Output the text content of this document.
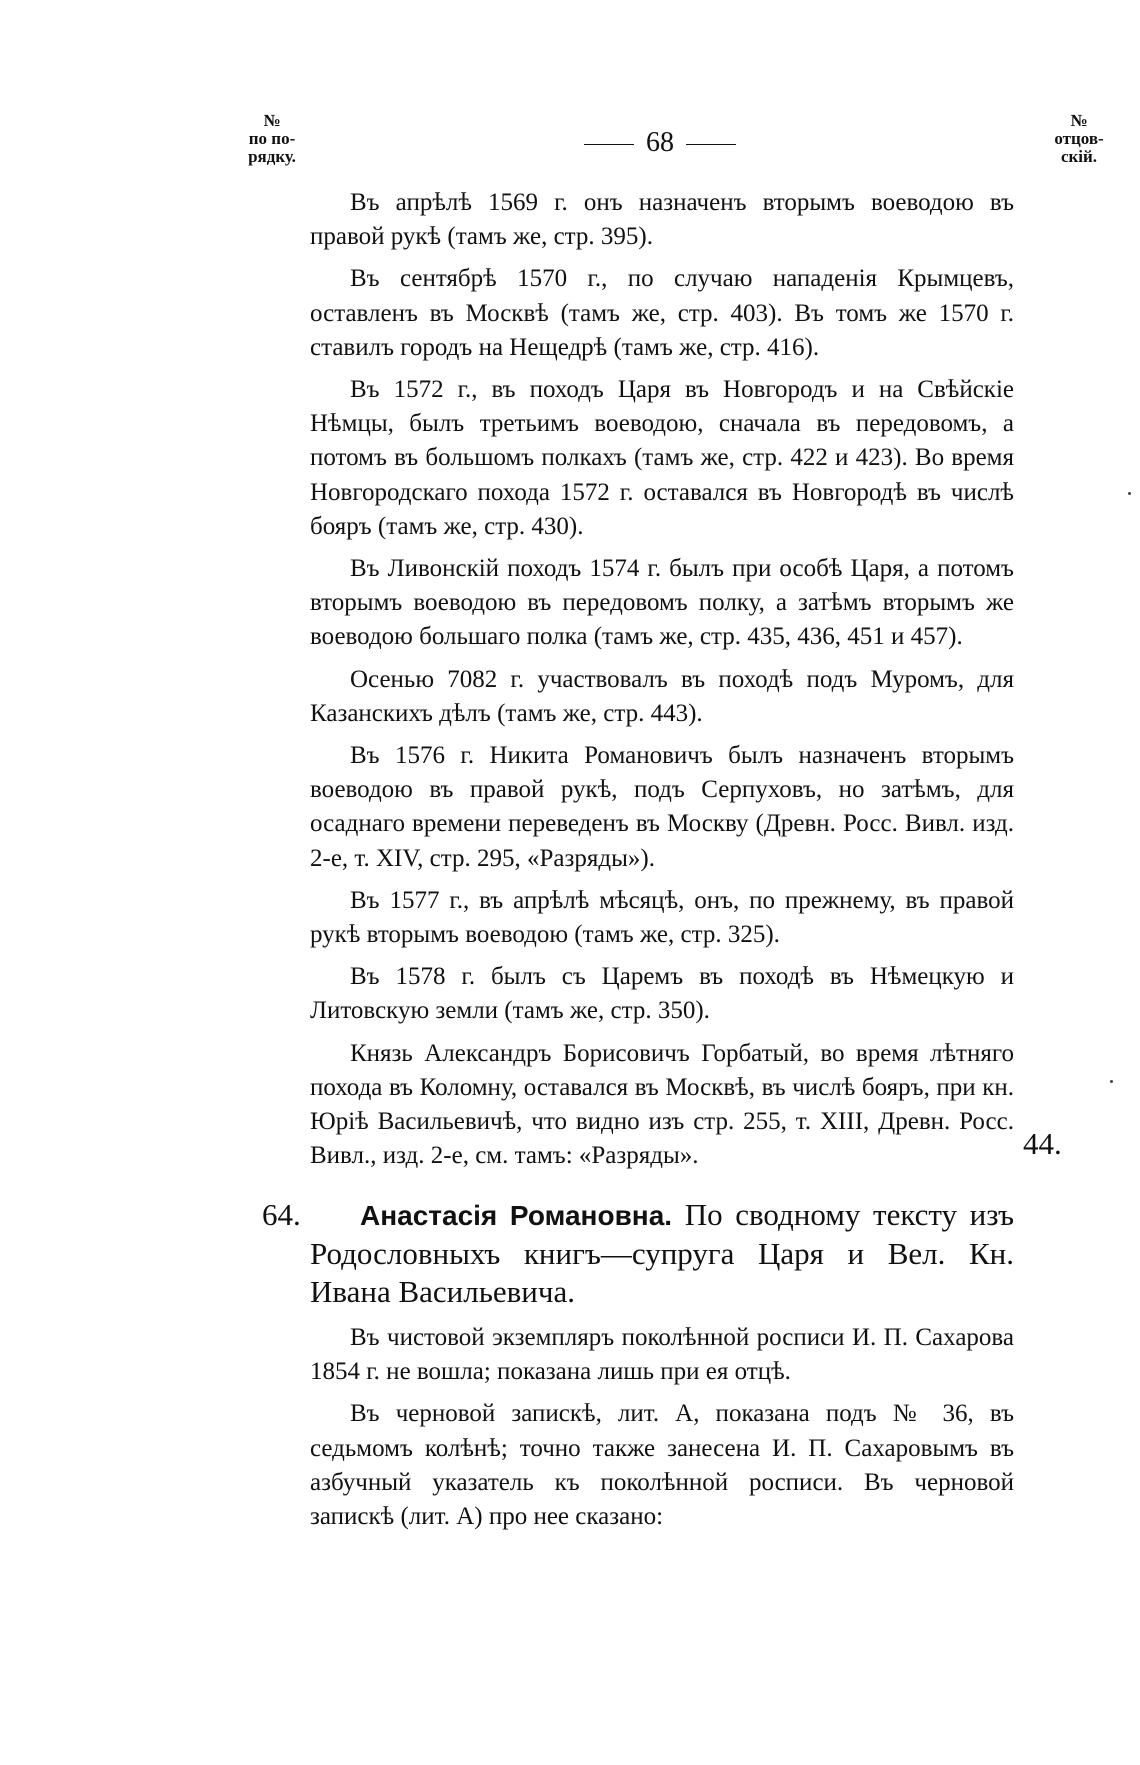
№
по по-
рядку.	68
№
отцов-
скій.

Въ апрѣлѣ 1569 г. онъ назначенъ вторымъ воеводою въ правой рукѣ (тамъ же, стр. 395).

Въ сентябрѣ 1570 г., по случаю нападенія Крымцевъ, оставленъ въ Москвѣ (тамъ же, стр. 403). Въ томъ же 1570 г. ставилъ городъ на Нещедрѣ (тамъ же, стр. 416).

Въ 1572 г., въ походъ Царя въ Новгородъ и на Свѣйскіе Нѣмцы, былъ третьимъ воеводою, сначала въ передовомъ, а потомъ въ большомъ полкахъ (тамъ же, стр. 422 и 423). Во время Новгородскаго похода 1572 г. оставался въ Новгородѣ въ числѣ бояръ (тамъ же, стр. 430).

Въ Ливонскій походъ 1574 г. былъ при особѣ Царя, а потомъ вторымъ воеводою въ передовомъ полку, а затѣмъ вторымъ же воеводою большаго полка (тамъ же, стр. 435, 436, 451 и 457).

Осенью 7082 г. участвовалъ въ походѣ подъ Муромъ, для Казанскихъ дѣлъ (тамъ же, стр. 443).

Въ 1576 г. Никита Романовичъ былъ назначенъ вторымъ воеводою въ правой рукѣ, подъ Серпуховъ, но затѣмъ, для осаднаго времени переведенъ въ Москву (Древн. Росс. Вивл. изд. 2-е, т. XIV, стр. 295, «Разряды»).

Въ 1577 г., въ апрѣлѣ мѣсяцѣ, онъ, по прежнему, въ правой рукѣ вторымъ воеводою (тамъ же, стр. 325).

Въ 1578 г. былъ съ Царемъ въ походѣ въ Нѣмецкую и Литовскую земли (тамъ же, стр. 350).

Князь Александръ Борисовичъ Горбатый, во время лѣтняго похода въ Коломну, оставался въ Москвѣ, въ числѣ бояръ, при кн. Юріѣ Васильевичѣ, что видно изъ стр. 255, т. XIII, Древн. Росс. Вивл., изд. 2-е, см. тамъ: «Разряды».	44.
64. Анастасія Романовна. По сводному тексту изъ Родословныхъ книгъ—супруга Царя и Вел. Кн. Ивана Васильевича.

Въ чистовой экземпляръ поколѣнной росписи И. П. Сахарова 1854 г. не вошла; показана лишь при ея отцѣ.

Въ черновой запискѣ, лит. А, показана подъ № 36, въ седьмомъ колѣнѣ; точно также занесена И. П. Сахаровымъ въ азбучный указатель къ поколѣнной росписи. Въ черновой запискѣ (лит. А) про нее сказано:
